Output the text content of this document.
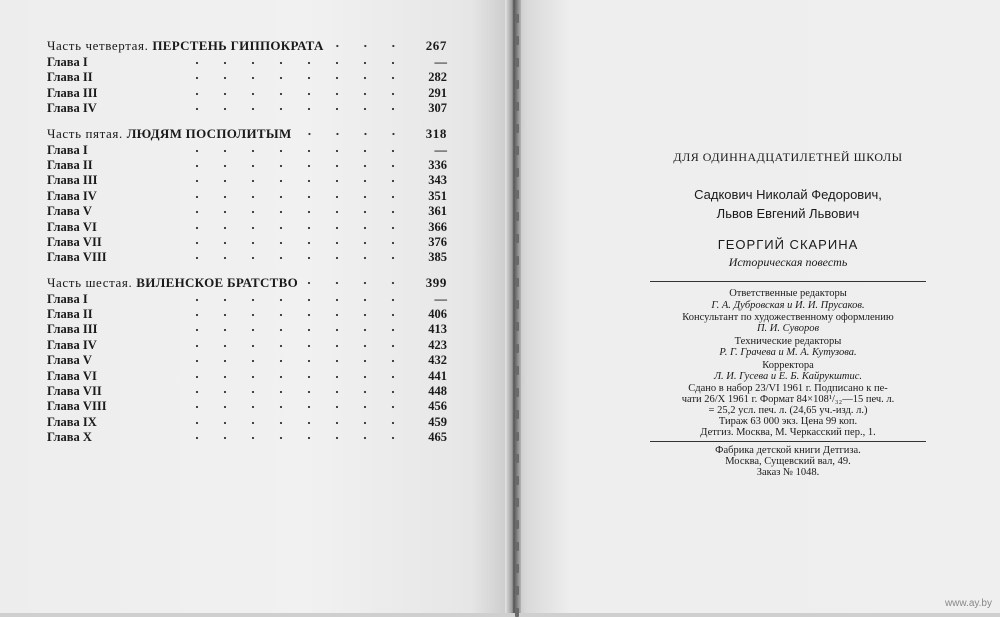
Часть четвертая. ПЕРСТЕНЬ ГИППОКРАТА	267
Глава I	—
Глава II	282
Глава III	291
Глава IV	307
Часть пятая. ЛЮДЯМ ПОСПОЛИТЫМ	318
Глава I	—
Глава II	336
Глава III	343
Глава IV	351
Глава V	361
Глава VI	366
Глава VII	376
Глава VIII	385
Часть шестая. ВИЛЕНСКОЕ БРАТСТВО	399
Глава I	—
Глава II	406
Глава III	413
Глава IV	423
Глава V	432
Глава VI	441
Глава VII	448
Глава VIII	456
Глава IX	459
Глава X	465
ДЛЯ ОДИННАДЦАТИЛЕТНЕЙ ШКОЛЫ
Садкович Николай Федорович,
Львов Евгений Львович
ГЕОРГИЙ СКАРИНА
Историческая повесть
Ответственные редакторы
Г. А. Дубровская и И. И. Прусаков.
Консультант по художественному оформлению
П. И. Суворов
Технические редакторы
Р. Г. Грачева и М. А. Кутузова.
Корректора
Л. И. Гусева и Е. Б. Кайрукштис.
Сдано в набор 23/VI 1961 г. Подписано к пе-
чати 26/X 1961 г. Формат 84×108¹/₃₂—15 печ. л.
= 25,2 усл. печ. л. (24,65 уч.-изд. л.)
Тираж 63 000 экз. Цена 99 коп.
Детгиз. Москва, М. Черкасский пер., 1.
Фабрика детской книги Детгиза.
Москва, Сущевский вал, 49.
Заказ № 1048.
www.ay.by
